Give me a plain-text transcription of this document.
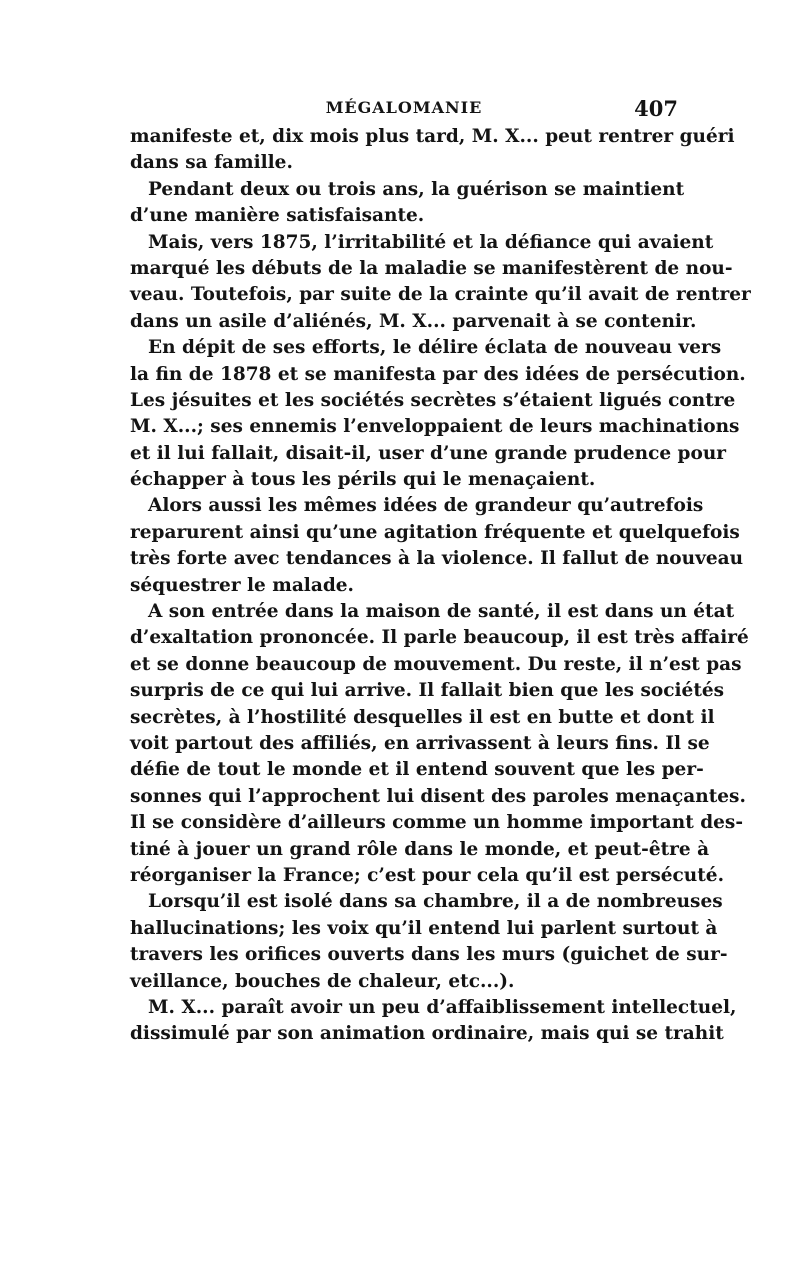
MÉGALOMANIE	407
manifeste et, dix mois plus tard, M. X... peut rentrer guéri
dans sa famille.
Pendant deux ou trois ans, la guérison se maintient
d’une manière satisfaisante.
Mais, vers 1875, l’irritabilité et la défiance qui avaient
marqué les débuts de la maladie se manifestèrent de nou-
veau. Toutefois, par suite de la crainte qu’il avait de rentrer
dans un asile d’aliénés, M. X... parvenait à se contenir.
En dépit de ses efforts, le délire éclata de nouveau vers
la fin de 1878 et se manifesta par des idées de persécution.
Les jésuites et les sociétés secrètes s’étaient ligués contre
M. X...; ses ennemis l’enveloppaient de leurs machinations
et il lui fallait, disait-il, user d’une grande prudence pour
échapper à tous les périls qui le menaçaient.
Alors aussi les mêmes idées de grandeur qu’autrefois
reparurent ainsi qu’une agitation fréquente et quelquefois
très forte avec tendances à la violence. Il fallut de nouveau
séquestrer le malade.
A son entrée dans la maison de santé, il est dans un état
d’exaltation prononcée. Il parle beaucoup, il est très affairé
et se donne beaucoup de mouvement. Du reste, il n’est pas
surpris de ce qui lui arrive. Il fallait bien que les sociétés
secrètes, à l’hostilité desquelles il est en butte et dont il
voit partout des affiliés, en arrivassent à leurs fins. Il se
défie de tout le monde et il entend souvent que les per-
sonnes qui l’approchent lui disent des paroles menaçantes.
Il se considère d’ailleurs comme un homme important des-
tiné à jouer un grand rôle dans le monde, et peut-être à
réorganiser la France; c’est pour cela qu’il est persécuté.
Lorsqu’il est isolé dans sa chambre, il a de nombreuses
hallucinations; les voix qu’il entend lui parlent surtout à
travers les orifices ouverts dans les murs (guichet de sur-
veillance, bouches de chaleur, etc...).
M. X... paraît avoir un peu d’affaiblissement intellectuel,
dissimulé par son animation ordinaire, mais qui se trahit
